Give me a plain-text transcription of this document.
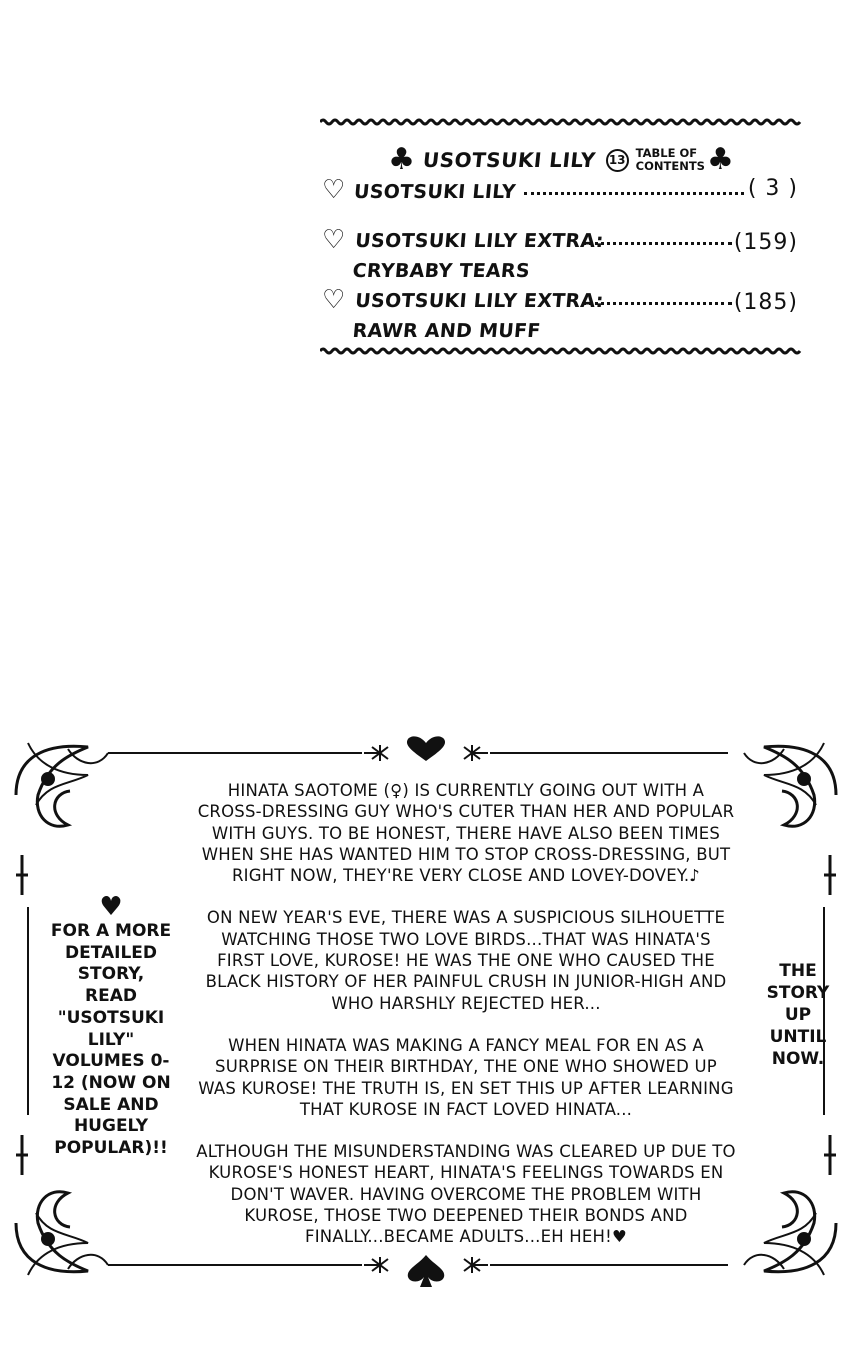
♣ USOTSUKI LILY 13 TABLE OF
CONTENTS ♣
♡ USOTSUKI LILY	( 3 )
♡ USOTSUKI LILY EXTRA:
CRYBABY TEARS
(159)
♡ USOTSUKI LILY EXTRA:
RAWR AND MUFF
(185)

HINATA SAOTOME (♀) IS CURRENTLY GOING OUT WITH A CROSS-DRESSING GUY WHO'S CUTER THAN HER AND POPULAR WITH GUYS. TO BE HONEST, THERE HAVE ALSO BEEN TIMES WHEN SHE HAS WANTED HIM TO STOP CROSS-DRESSING, BUT RIGHT NOW, THEY'RE VERY CLOSE AND LOVEY-DOVEY.♪

ON NEW YEAR'S EVE, THERE WAS A SUSPICIOUS SILHOUETTE WATCHING THOSE TWO LOVE BIRDS...THAT WAS HINATA'S FIRST LOVE, KUROSE! HE WAS THE ONE WHO CAUSED THE BLACK HISTORY OF HER PAINFUL CRUSH IN JUNIOR-HIGH AND WHO HARSHLY REJECTED HER...

WHEN HINATA WAS MAKING A FANCY MEAL FOR EN AS A SURPRISE ON THEIR BIRTHDAY, THE ONE WHO SHOWED UP WAS KUROSE! THE TRUTH IS, EN SET THIS UP AFTER LEARNING THAT KUROSE IN FACT LOVED HINATA...

ALTHOUGH THE MISUNDERSTANDING WAS CLEARED UP DUE TO KUROSE'S HONEST HEART, HINATA'S FEELINGS TOWARDS EN DON'T WAVER. HAVING OVERCOME THE PROBLEM WITH KUROSE, THOSE TWO DEEPENED THEIR BONDS AND FINALLY...BECAME ADULTS...EH HEH!♥

♥
FOR A MORE DETAILED STORY, READ "USOTSUKI LILY" VOLUMES 0-12 (NOW ON SALE AND HUGELY POPULAR)!!
THE STORY UP UNTIL NOW.
